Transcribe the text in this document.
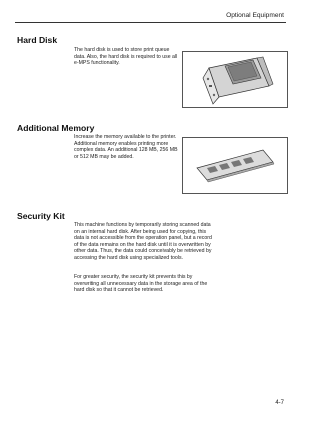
Optional Equipment
Hard Disk

The hard disk is used to store print queue data. Also, the hard disk is required to use all e-MPS functionality.

Additional Memory

Increase the memory available to the printer. Additional memory enables printing more complex data. An additional 128 MB, 256 MB or 512 MB may be added.

Security Kit

This machine functions by temporarily storing scanned data on an internal hard disk. After being used for copying, this data is not accessible from the operation panel, but a record of the data remains on the hard disk until it is overwritten by other data. Thus, the data could conceivably be retrieved by accessing the hard disk using specialized tools.

For greater security, the security kit prevents this by overwriting all unnecessary data in the storage area of the hard disk so that it cannot be retrieved.

4-7
